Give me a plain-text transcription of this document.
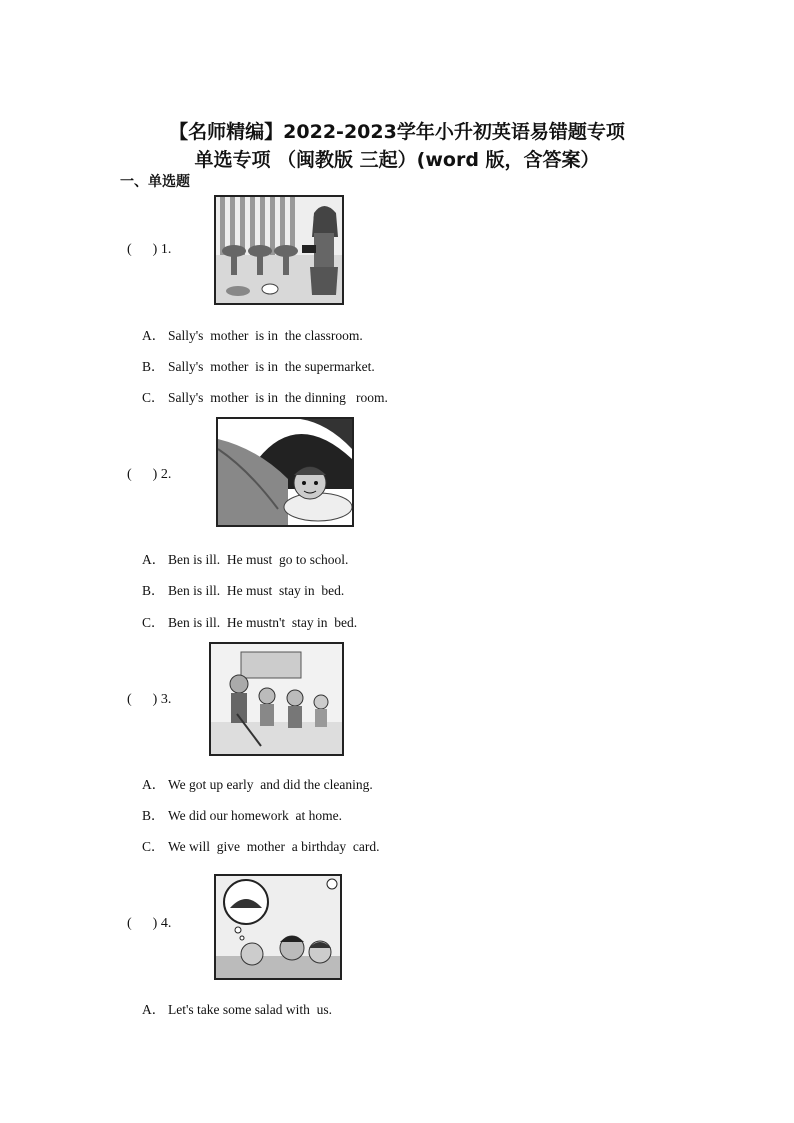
【名师精编】2022-2023学年小升初英语易错题专项
单选专项 （闽教版 三起）(word 版，含答案）
一、单选题
(      ) 1.
A． Sally's  mother  is in  the classroom.
B． Sally's  mother  is in  the supermarket.
C． Sally's  mother  is in  the dinning   room.
(      ) 2.
A． Ben is ill.  He must  go to school.
B． Ben is ill.  He must  stay in  bed.
C． Ben is ill.  He mustn't  stay in  bed.
(      ) 3.
A． We got up early  and did the cleaning.
B． We did our homework  at home.
C． We will  give  mother  a birthday  card.
(      ) 4.
A． Let's take some salad with  us.
